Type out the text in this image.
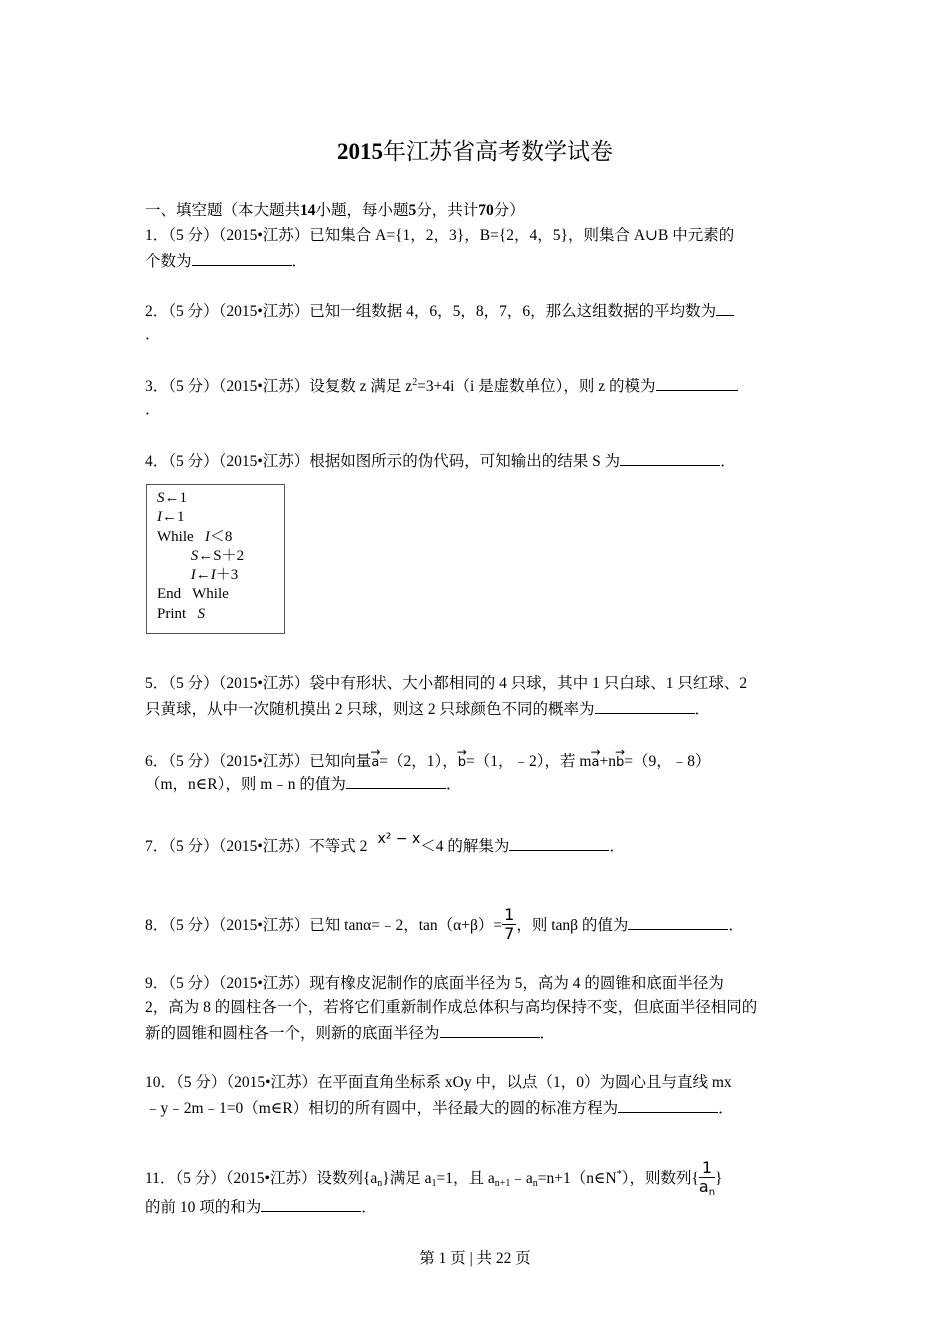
2015年江苏省高考数学试卷
一、填空题（本大题共14小题，每小题5分，共计70分）
1．（5 分）（2015•江苏）已知集合 A={1，2，3}，B={2，4，5}，则集合 A∪B 中元素的
个数为	．
2．（5 分）（2015•江苏）已知一组数据 4，6，5，8，7，6，那么这组数据的平均数为
．
3．（5 分）（2015•江苏）设复数 z 满足 $z^2=3+4i(i$ 是虚数单位），则 z 的模为
．
4．（5 分）（2015•江苏）根据如图所示的伪代码，可知输出的结果 S 为	．
S←1
I←1
While   I＜8
S←S＋2
I←I＋3
End   While
Print   S
5．（5 分）（2015•江苏）袋中有形状、大小都相同的 4 只球，其中 1 只白球、1 只红球、2
只黄球，从中一次随机摸出 2 只球，则这 2 只球颜色不同的概率为	．
6．（5 分）（2015•江苏）已知向量→ a=（2，1），→ b=（1，﹣2），若 m→ a+n→ b=（9，﹣8）
（m，n∈R），则 m﹣n 的值为	．
7．（5 分）（2015•江苏）不等式 2 x² − x＜4 的解集为	．
8．（5 分）（2015•江苏）已知 tanα=﹣2，$\tan(\alpha+\beta)= \frac{1}{7}$ ，则 tanβ 的值为	．
9．（5 分）（2015•江苏）现有橡皮泥制作的底面半径为 5，高为 4 的圆锥和底面半径为
2，高为 8 的圆柱各一个，若将它们重新制作成总体积与高均保持不变，但底面半径相同的
新的圆锥和圆柱各一个，则新的底面半径为	．
10．（5 分）（2015•江苏）在平面直角坐标系 xOy 中，以点（1，0）为圆心且与直线 mx
﹣y﹣2m﹣1=0（m∈R）相切的所有圆中，半径最大的圆的标准方程为	．
11．（5 分）（2015•江苏）设数列$\{a_n\}$满足 $a_1=1$，且 $a_{n+1}﹣a_n=n+1(n\in N^*)$，则数列{ $\frac{1}{a_n}$ }
的前 10 项的和为	．
第 1 页 | 共 22 页
